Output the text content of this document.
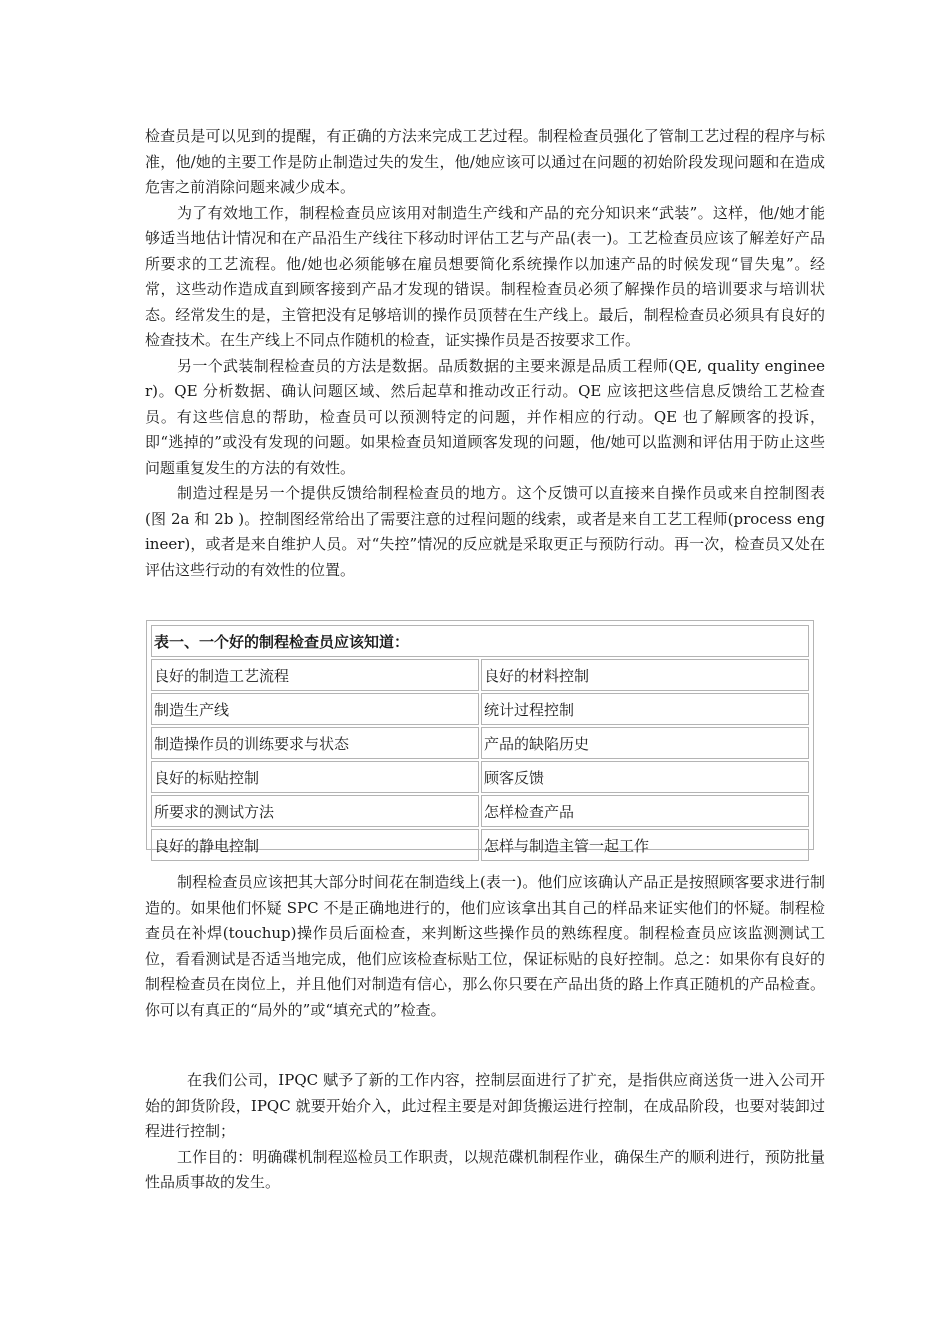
检查员是可以见到的提醒，有正确的方法来完成工艺过程。制程检查员强化了管制工艺过程的程序与标准，他/她的主要工作是防止制造过失的发生，他/她应该可以通过在问题的初始阶段发现问题和在造成危害之前消除问题来减少成本。

为了有效地工作，制程检查员应该用对制造生产线和产品的充分知识来“武装”。这样，他/她才能够适当地估计情况和在产品沿生产线往下移动时评估工艺与产品(表一)。工艺检查员应该了解差好产品所要求的工艺流程。他/她也必须能够在雇员想要简化系统操作以加速产品的时候发现“冒失鬼”。经常，这些动作造成直到顾客接到产品才发现的错误。制程检查员必须了解操作员的培训要求与培训状态。经常发生的是，主管把没有足够培训的操作员顶替在生产线上。最后，制程检查员必须具有良好的检查技术。在生产线上不同点作随机的检查，证实操作员是否按要求工作。

另一个武装制程检查员的方法是数据。品质数据的主要来源是品质工程师(QE, quality engineer)。QE 分析数据、确认问题区域、然后起草和推动改正行动。QE 应该把这些信息反馈给工艺检查员。有这些信息的帮助，检查员可以预测特定的问题，并作相应的行动。QE 也了解顾客的投诉，即“逃掉的”或没有发现的问题。如果检查员知道顾客发现的问题，他/她可以监测和评估用于防止这些问题重复发生的方法的有效性。

制造过程是另一个提供反馈给制程检查员的地方。这个反馈可以直接来自操作员或来自控制图表(图 2a 和 2b )。控制图经常给出了需要注意的过程问题的线索，或者是来自工艺工程师(process engineer)，或者是来自维护人员。对“失控”情况的反应就是采取更正与预防行动。再一次，检查员又处在评估这些行动的有效性的位置。

表一、一个好的制程检查员应该知道：	
良好的制造工艺流程	良好的材料控制
制造生产线	统计过程控制
制造操作员的训练要求与状态	产品的缺陷历史
良好的标贴控制	顾客反馈
所要求的测试方法	怎样检查产品
良好的静电控制	怎样与制造主管一起工作

制程检查员应该把其大部分时间花在制造线上(表一)。他们应该确认产品正是按照顾客要求进行制造的。如果他们怀疑 SPC 不是正确地进行的，他们应该拿出其自己的样品来证实他们的怀疑。制程检查员在补焊(touchup)操作员后面检查，来判断这些操作员的熟练程度。制程检查员应该监测测试工位，看看测试是否适当地完成，他们应该检查标贴工位，保证标贴的良好控制。总之：如果你有良好的制程检查员在岗位上，并且他们对制造有信心，那么你只要在产品出货的路上作真正随机的产品检查。你可以有真正的“局外的”或“填充式的”检查。

在我们公司，IPQC 赋予了新的工作内容，控制层面进行了扩充，是指供应商送货一进入公司开始的卸货阶段，IPQC 就要开始介入，此过程主要是对卸货搬运进行控制，在成品阶段，也要对装卸过程进行控制；

工作目的：明确碟机制程巡检员工作职责，以规范碟机制程作业，确保生产的顺利进行，预防批量性品质事故的发生。
